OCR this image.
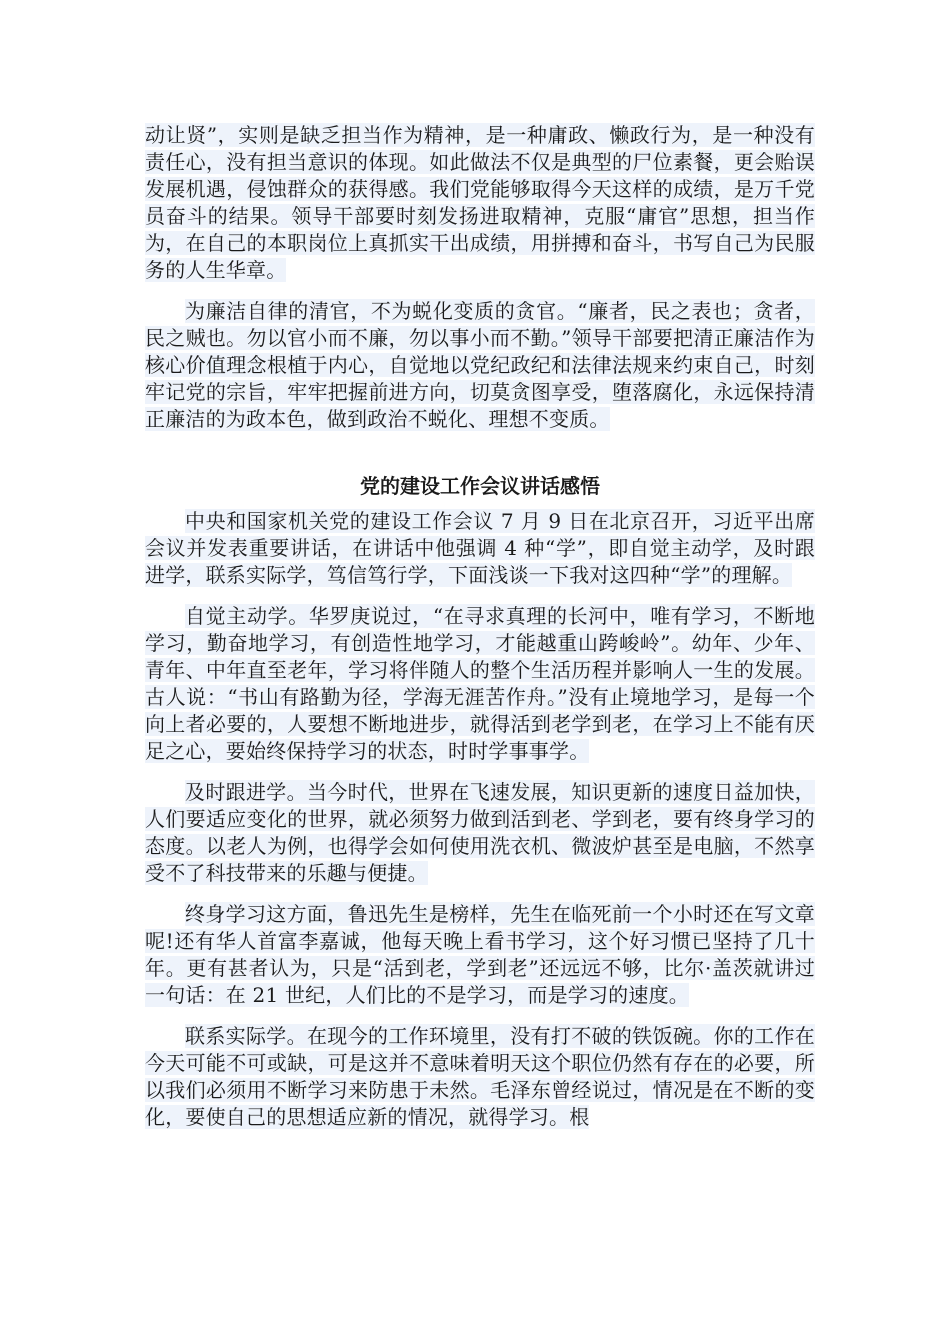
动让贤”，实则是缺乏担当作为精神，是一种庸政、懒政行为，是一种没有责任心，没有担当意识的体现。如此做法不仅是典型的尸位素餐，更会贻误发展机遇，侵蚀群众的获得感。我们党能够取得今天这样的成绩，是万千党员奋斗的结果。领导干部要时刻发扬进取精神，克服“庸官”思想，担当作为，在自己的本职岗位上真抓实干出成绩，用拼搏和奋斗，书写自己为民服务的人生华章。

为廉洁自律的清官，不为蜕化变质的贪官。“廉者，民之表也；贪者，民之贼也。勿以官小而不廉，勿以事小而不勤。”领导干部要把清正廉洁作为核心价值理念根植于内心，自觉地以党纪政纪和法律法规来约束自己，时刻牢记党的宗旨，牢牢把握前进方向，切莫贪图享受，堕落腐化，永远保持清正廉洁的为政本色，做到政治不蜕化、理想不变质。

党的建设工作会议讲话感悟

中央和国家机关党的建设工作会议 7 月 9 日在北京召开，习近平出席会议并发表重要讲话，在讲话中他强调 4 种“学”，即自觉主动学，及时跟进学，联系实际学，笃信笃行学，下面浅谈一下我对这四种“学”的理解。

自觉主动学。华罗庚说过，“在寻求真理的长河中，唯有学习，不断地学习，勤奋地学习，有创造性地学习，才能越重山跨峻岭”。幼年、少年、青年、中年直至老年，学习将伴随人的整个生活历程并影响人一生的发展。古人说：“书山有路勤为径，学海无涯苦作舟。”没有止境地学习，是每一个向上者必要的，人要想不断地进步，就得活到老学到老，在学习上不能有厌足之心，要始终保持学习的状态，时时学事事学。

及时跟进学。当今时代，世界在飞速发展，知识更新的速度日益加快，人们要适应变化的世界，就必须努力做到活到老、学到老，要有终身学习的态度。以老人为例，也得学会如何使用洗衣机、微波炉甚至是电脑，不然享受不了科技带来的乐趣与便捷。

终身学习这方面，鲁迅先生是榜样，先生在临死前一个小时还在写文章呢!还有华人首富李嘉诚，他每天晚上看书学习，这个好习惯已坚持了几十年。更有甚者认为，只是“活到老，学到老”还远远不够，比尔·盖茨就讲过一句话：在 21 世纪，人们比的不是学习，而是学习的速度。

联系实际学。在现今的工作环境里，没有打不破的铁饭碗。你的工作在今天可能不可或缺，可是这并不意味着明天这个职位仍然有存在的必要，所以我们必须用不断学习来防患于未然。毛泽东曾经说过，情况是在不断的变化，要使自己的思想适应新的情况，就得学习。根
